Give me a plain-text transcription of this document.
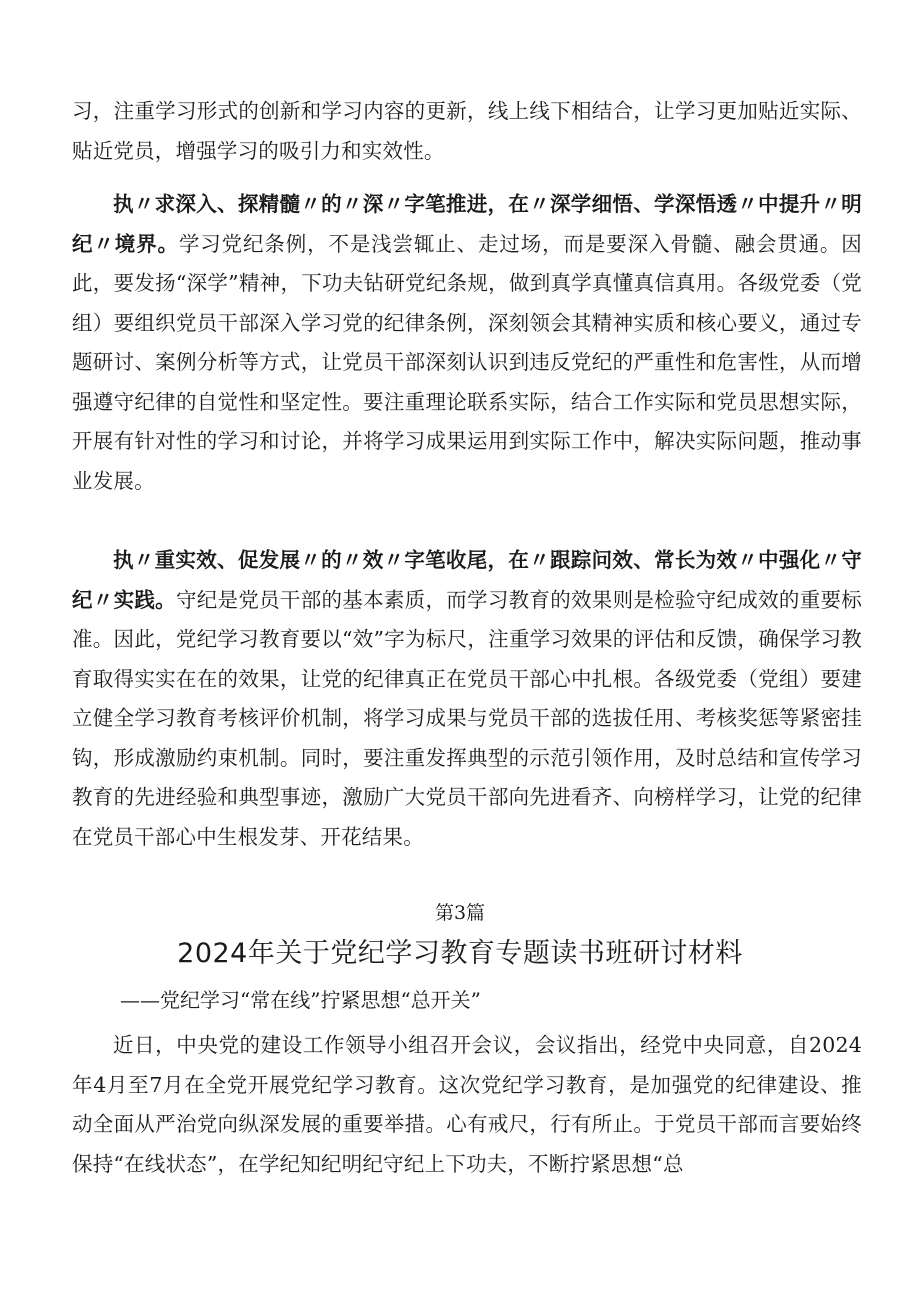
习，注重学习形式的创新和学习内容的更新，线上线下相结合，让学习更加贴近实际、贴近党员，增强学习的吸引力和实效性。

执〃求深入、探精髓〃的〃深〃字笔推进，在〃深学细悟、学深悟透〃中提升〃明纪〃境界。学习党纪条例，不是浅尝辄止、走过场，而是要深入骨髓、融会贯通。因此，要发扬“深学”精神，下功夫钻研党纪条规，做到真学真懂真信真用。各级党委（党组）要组织党员干部深入学习党的纪律条例，深刻领会其精神实质和核心要义，通过专题研讨、案例分析等方式，让党员干部深刻认识到违反党纪的严重性和危害性，从而增强遵守纪律的自觉性和坚定性。要注重理论联系实际，结合工作实际和党员思想实际，开展有针对性的学习和讨论，并将学习成果运用到实际工作中，解决实际问题，推动事业发展。

执〃重实效、促发展〃的〃效〃字笔收尾，在〃跟踪问效、常长为效〃中强化〃守纪〃实践。守纪是党员干部的基本素质，而学习教育的效果则是检验守纪成效的重要标准。因此，党纪学习教育要以“效”字为标尺，注重学习效果的评估和反馈，确保学习教育取得实实在在的效果，让党的纪律真正在党员干部心中扎根。各级党委（党组）要建立健全学习教育考核评价机制，将学习成果与党员干部的选拔任用、考核奖惩等紧密挂钩，形成激励约束机制。同时，要注重发挥典型的示范引领作用，及时总结和宣传学习教育的先进经验和典型事迹，激励广大党员干部向先进看齐、向榜样学习，让党的纪律在党员干部心中生根发芽、开花结果。

第3篇
2024年关于党纪学习教育专题读书班研讨材料
——党纪学习“常在线”拧紧思想“总开关”

近日，中央党的建设工作领导小组召开会议，会议指出，经党中央同意，自2024年4月至7月在全党开展党纪学习教育。这次党纪学习教育，是加强党的纪律建设、推动全面从严治党向纵深发展的重要举措。心有戒尺，行有所止。于党员干部而言要始终保持“在线状态”，在学纪知纪明纪守纪上下功夫，不断拧紧思想“总
